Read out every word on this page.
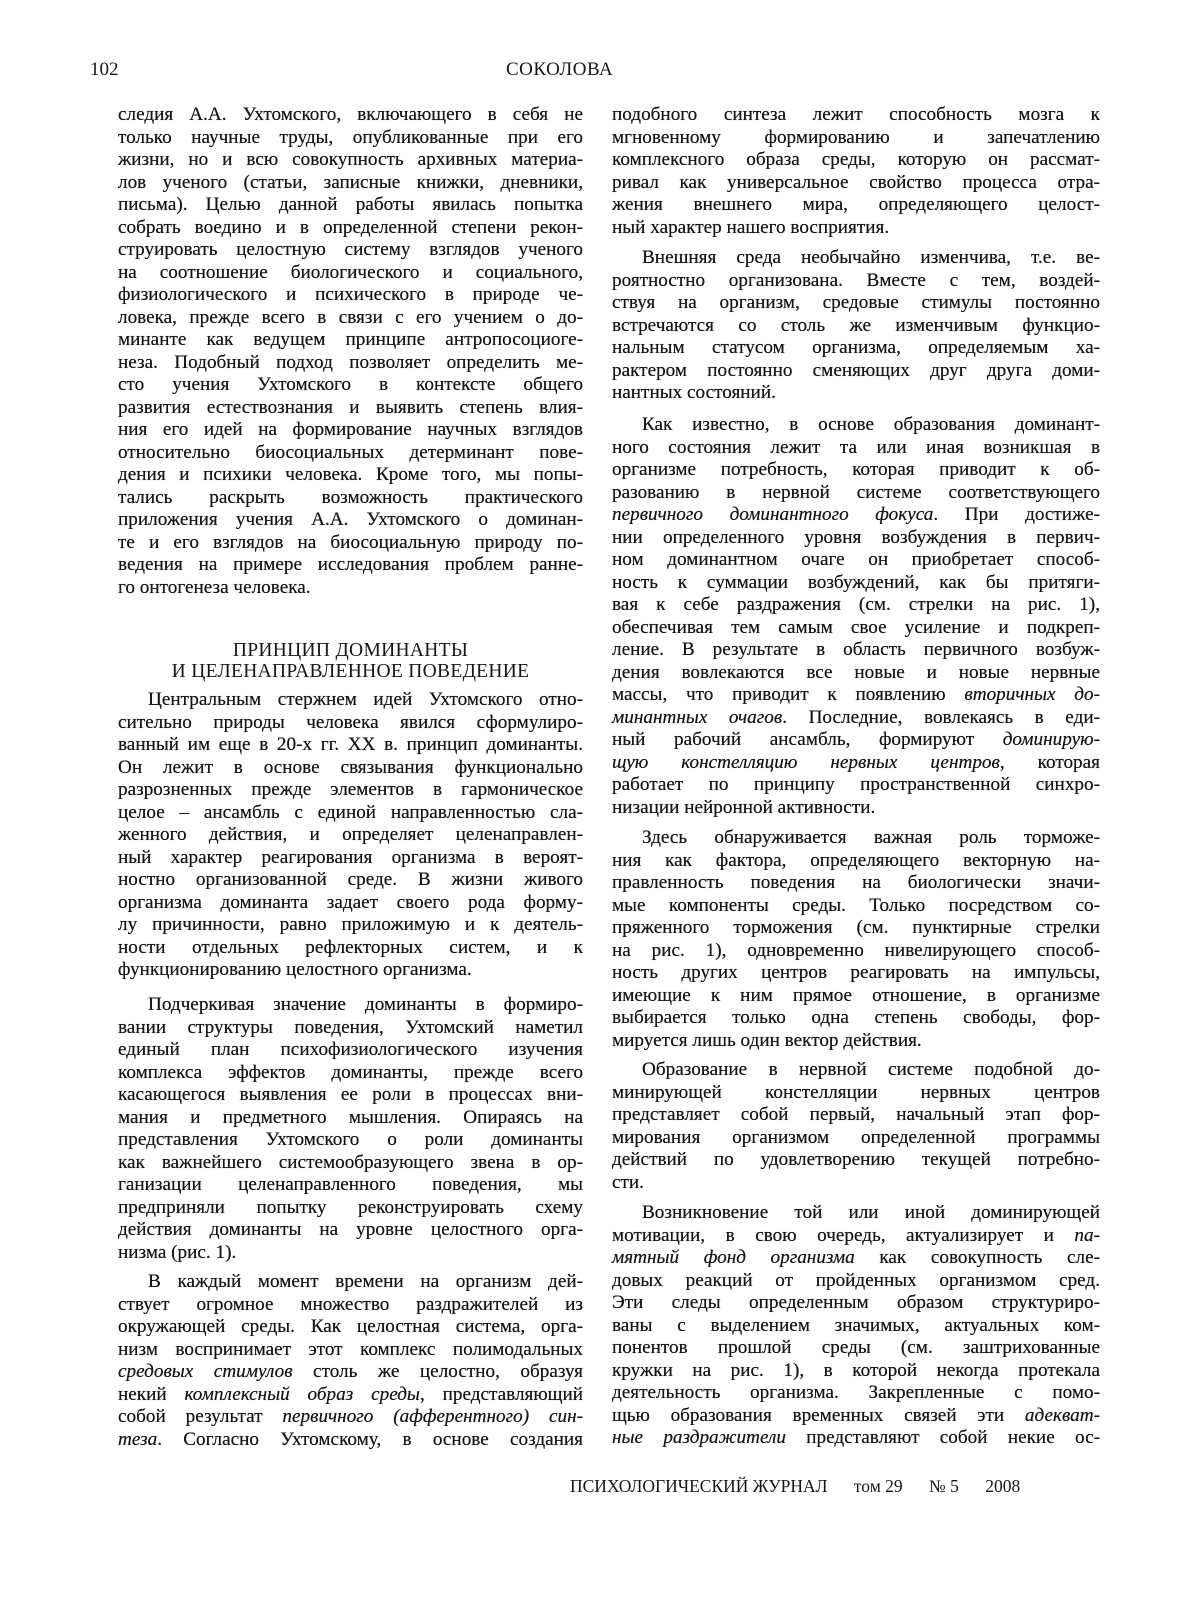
102	СОКОЛОВА
следия А.А. Ухтомского, включающего в себя не
только научные труды, опубликованные при его
жизни, но и всю совокупность архивных материа-
лов ученого (статьи, записные книжки, дневники,
письма). Целью данной работы явилась попытка
собрать воедино и в определенной степени рекон-
струировать целостную систему взглядов ученого
на соотношение биологического и социального,
физиологического и психического в природе че-
ловека, прежде всего в связи с его учением о до-
минанте как ведущем принципе антропосоциоге-
неза. Подобный подход позволяет определить ме-
сто учения Ухтомского в контексте общего
развития естествознания и выявить степень влия-
ния его идей на формирование научных взглядов
относительно биосоциальных детерминант пове-
дения и психики человека. Кроме того, мы попы-
тались раскрыть возможность практического
приложения учения А.А. Ухтомского о доминан-
те и его взглядов на биосоциальную природу по-
ведения на примере исследования проблем ранне-
го онтогенеза человека.
Центральным стержнем идей Ухтомского отно-
сительно природы человека явился сформулиро-
ванный им еще в 20-х гг. XX в. принцип доминанты.
Он лежит в основе связывания функционально
разрозненных прежде элементов в гармоническое
целое – ансамбль с единой направленностью сла-
женного действия, и определяет целенаправлен-
ный характер реагирования организма в вероят-
ностно организованной среде. В жизни живого
организма доминанта задает своего рода форму-
лу причинности, равно приложимую и к деятель-
ности отдельных рефлекторных систем, и к
функционированию целостного организма.
Подчеркивая значение доминанты в формиро-
вании структуры поведения, Ухтомский наметил
единый план психофизиологического изучения
комплекса эффектов доминанты, прежде всего
касающегося выявления ее роли в процессах вни-
мания и предметного мышления. Опираясь на
представления Ухтомского о роли доминанты
как важнейшего системообразующего звена в ор-
ганизации целенаправленного поведения, мы
предприняли попытку реконструировать схему
действия доминанты на уровне целостного орга-
низма (рис. 1).
В каждый момент времени на организм дей-
ствует огромное множество раздражителей из
окружающей среды. Как целостная система, орга-
низм воспринимает этот комплекс полимодальных
средовых стимулов столь же целостно, образуя
некий комплексный образ среды, представляющий
собой результат первичного (афферентного) син-
теза. Согласно Ухтомскому, в основе создания
ПРИНЦИП ДОМИНАНТЫ
И ЦЕЛЕНАПРАВЛЕННОЕ ПОВЕДЕНИЕ
подобного синтеза лежит способность мозга к
мгновенному формированию и запечатлению
комплексного образа среды, которую он рассмат-
ривал как универсальное свойство процесса отра-
жения внешнего мира, определяющего целост-
ный характер нашего восприятия.
Внешняя среда необычайно изменчива, т.е. ве-
роятностно организована. Вместе с тем, воздей-
ствуя на организм, средовые стимулы постоянно
встречаются со столь же изменчивым функцио-
нальным статусом организма, определяемым ха-
рактером постоянно сменяющих друг друга доми-
нантных состояний.
Как известно, в основе образования доминант-
ного состояния лежит та или иная возникшая в
организме потребность, которая приводит к об-
разованию в нервной системе соответствующего
первичного доминантного фокуса. При достиже-
нии определенного уровня возбуждения в первич-
ном доминантном очаге он приобретает способ-
ность к суммации возбуждений, как бы притяги-
вая к себе раздражения (см. стрелки на рис. 1),
обеспечивая тем самым свое усиление и подкреп-
ление. В результате в область первичного возбуж-
дения вовлекаются все новые и новые нервные
массы, что приводит к появлению вторичных до-
минантных очагов. Последние, вовлекаясь в еди-
ный рабочий ансамбль, формируют доминирую-
щую констелляцию нервных центров, которая
работает по принципу пространственной синхро-
низации нейронной активности.
Здесь обнаруживается важная роль торможе-
ния как фактора, определяющего векторную на-
правленность поведения на биологически значи-
мые компоненты среды. Только посредством со-
пряженного торможения (см. пунктирные стрелки
на рис. 1), одновременно нивелирующего способ-
ность других центров реагировать на импульсы,
имеющие к ним прямое отношение, в организме
выбирается только одна степень свободы, фор-
мируется лишь один вектор действия.
Образование в нервной системе подобной до-
минирующей констелляции нервных центров
представляет собой первый, начальный этап фор-
мирования организмом определенной программы
действий по удовлетворению текущей потребно-
сти.
Возникновение той или иной доминирующей
мотивации, в свою очередь, актуализирует и па-
мятный фонд организма как совокупность сле-
довых реакций от пройденных организмом сред.
Эти следы определенным образом структуриро-
ваны с выделением значимых, актуальных ком-
понентов прошлой среды (см. заштрихованные
кружки на рис. 1), в которой некогда протекала
деятельность организма. Закрепленные с помо-
щью образования временных связей эти адекват-
ные раздражители представляют собой некие ос-
ПСИХОЛОГИЧЕСКИЙ ЖУРНАЛ том 29 № 5 2008
